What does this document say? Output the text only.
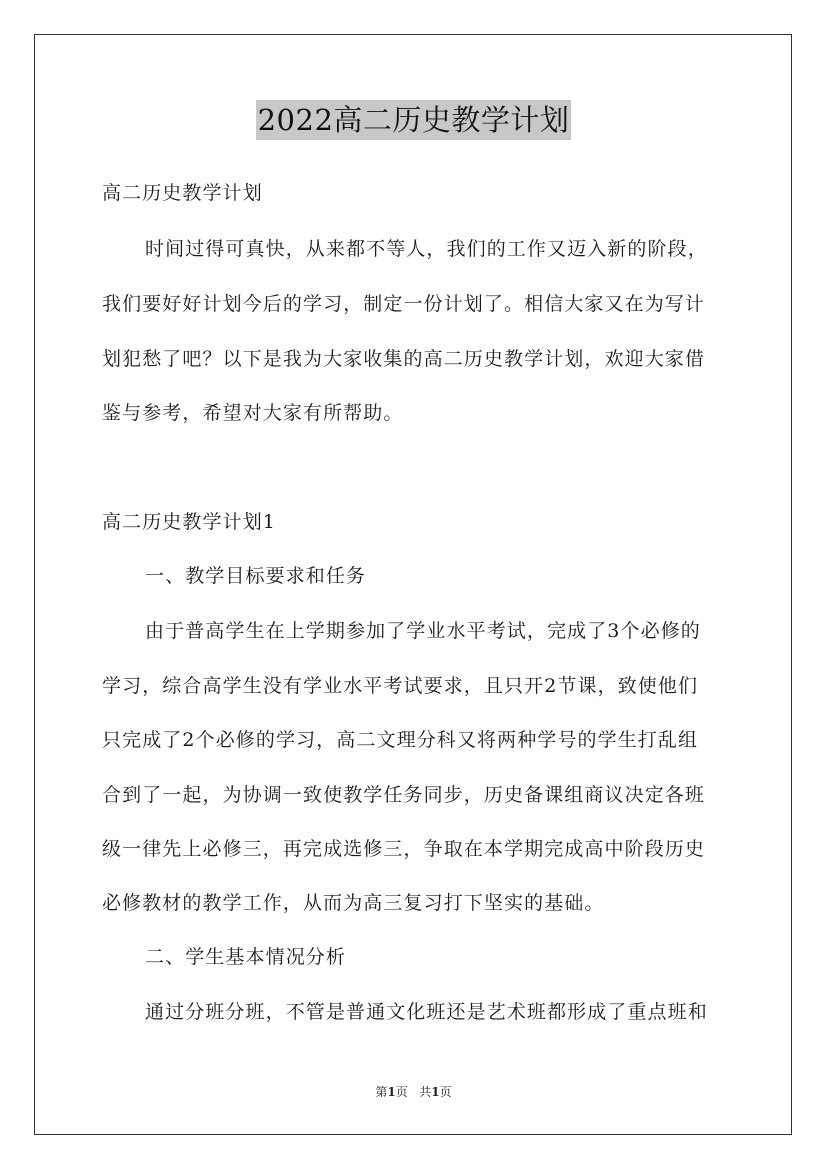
2022高二历史教学计划
高二历史教学计划
时间过得可真快，从来都不等人，我们的工作又迈入新的阶段，
我们要好好计划今后的学习，制定一份计划了。相信大家又在为写计
划犯愁了吧？以下是我为大家收集的高二历史教学计划，欢迎大家借
鉴与参考，希望对大家有所帮助。
高二历史教学计划1
一、教学目标要求和任务
由于普高学生在上学期参加了学业水平考试，完成了3个必修的
学习，综合高学生没有学业水平考试要求，且只开2节课，致使他们
只完成了2个必修的学习，高二文理分科又将两种学号的学生打乱组
合到了一起，为协调一致使教学任务同步，历史备课组商议决定各班
级一律先上必修三，再完成选修三，争取在本学期完成高中阶段历史
必修教材的教学工作，从而为高三复习打下坚实的基础。
二、学生基本情况分析
通过分班分班，不管是普通文化班还是艺术班都形成了重点班和
第1页 共1页
